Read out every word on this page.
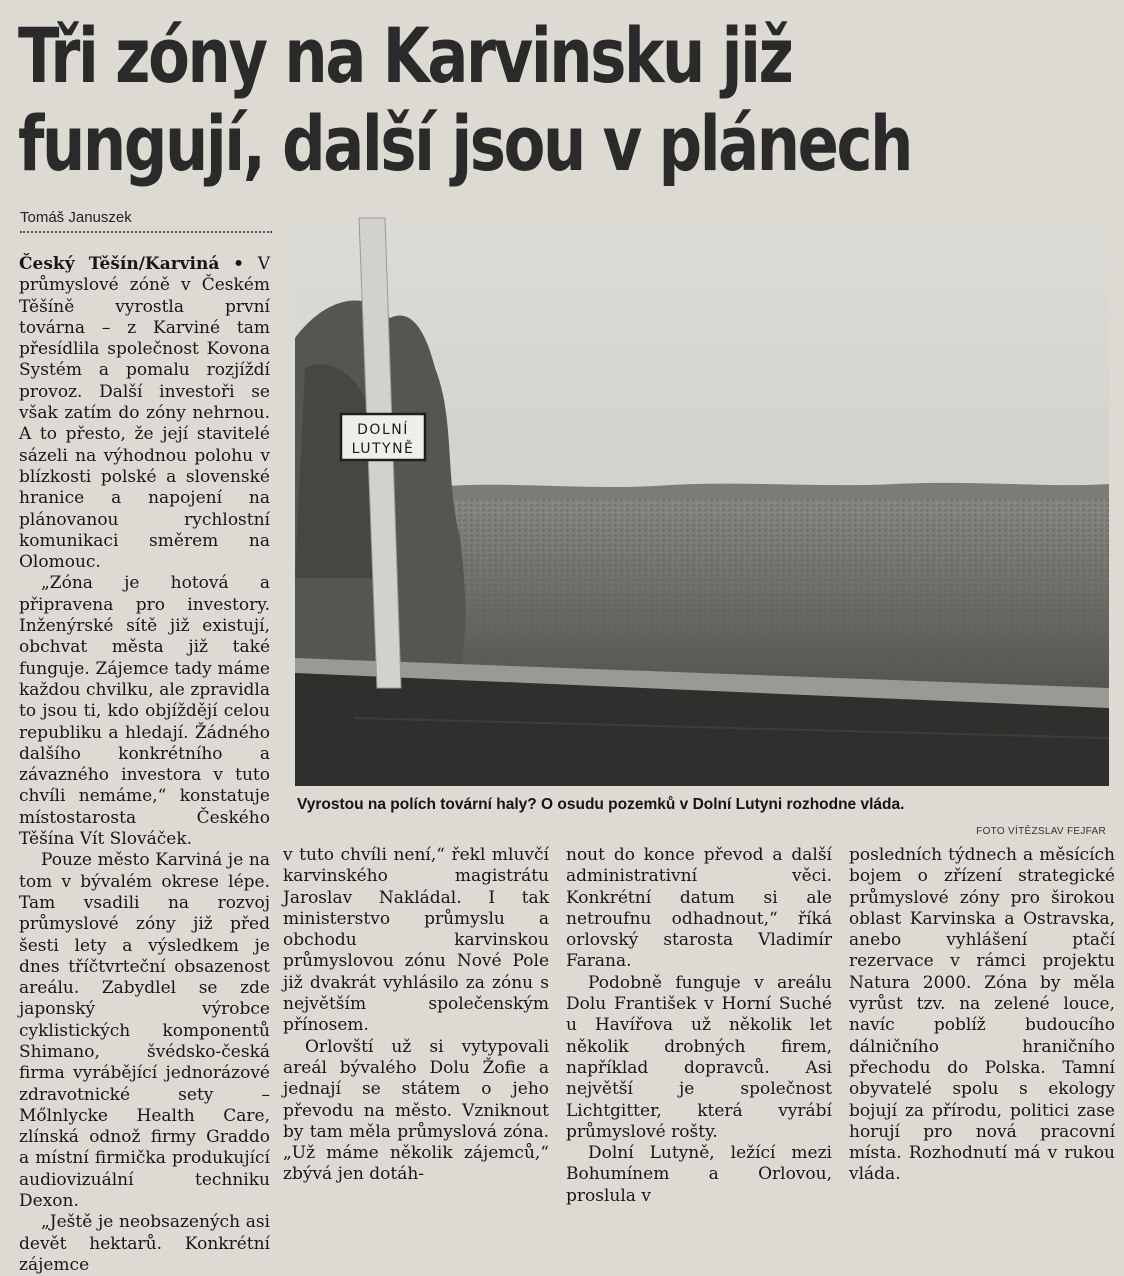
Tři zóny na Karvinsku již
fungují, další jsou v plánech
Tomáš Januszek

Český Těšín/Karviná • V průmyslové zóně v Českém Těšíně vyrostla první továrna – z Karviné tam přesídlila společnost Kovona Systém a pomalu rozjíždí provoz. Další investoři se však zatím do zóny nehrnou. A to přesto, že její stavitelé sázeli na výhodnou polohu v blízkosti polské a slovenské hranice a napojení na plánovanou rychlostní komunikaci směrem na Olomouc.

„Zóna je hotová a připravena pro investory. Inženýrské sítě již existují, obchvat města již také funguje. Zájemce tady máme každou chvilku, ale zpravidla to jsou ti, kdo objíždějí celou republiku a hledají. Žádného dalšího konkrétního a závazného investora v tuto chvíli nemáme,“ konstatuje místostarosta Českého Těšína Vít Slováček.

Pouze město Karviná je na tom v bývalém okrese lépe. Tam vsadili na rozvoj průmyslové zóny již před šesti lety a výsledkem je dnes tříčtvrteční obsazenost areálu. Zabydlel se zde japonský výrobce cyklistických komponentů Shimano, švédsko-česká firma vyrábějící jednorázové zdravotnické sety – Mőlnlycke Health Care, zlínská odnož firmy Graddo a místní firmička produkující audiovizuální techniku Dexon.

„Ještě je neobsazených asi devět hektarů. Konkrétní zájemce

DOLNÍ
LUTYNĚ
Vyrostou na polích tovární haly? O osudu pozemků v Dolní Lutyni rozhodne vláda.
FOTO VÍTĚZSLAV FEJFAR

v tuto chvíli není,“ řekl mluvčí karvinského magistrátu Jaroslav Nakládal. I tak ministerstvo průmyslu a obchodu karvinskou průmyslovou zónu Nové Pole již dvakrát vyhlásilo za zónu s největším společenským přínosem.

Orlovští už si vytypovali areál bývalého Dolu Žofie a jednají se státem o jeho převodu na město. Vzniknout by tam měla průmyslová zóna. „Už máme několik zájemců,“ zbývá jen dotáh-

nout do konce převod a další administrativní věci. Konkrétní datum si ale netroufnu odhadnout,“ říká orlovský starosta Vladimír Farana.

Podobně funguje v areálu Dolu František v Horní Suché u Havířova už několik let několik drobných firem, například dopravců. Asi největší je společnost Lichtgitter, která vyrábí průmyslové rošty.

Dolní Lutyně, ležící mezi Bohumínem a Orlovou, proslula v

posledních týdnech a měsících bojem o zřízení strategické průmyslové zóny pro širokou oblast Karvinska a Ostravska, anebo vyhlášení ptačí rezervace v rámci projektu Natura 2000. Zóna by měla vyrůst tzv. na zelené louce, navíc poblíž budoucího dálničního hraničního přechodu do Polska. Tamní obyvatelé spolu s ekology bojují za přírodu, politici zase horují pro nová pracovní místa. Rozhodnutí má v rukou vláda.
